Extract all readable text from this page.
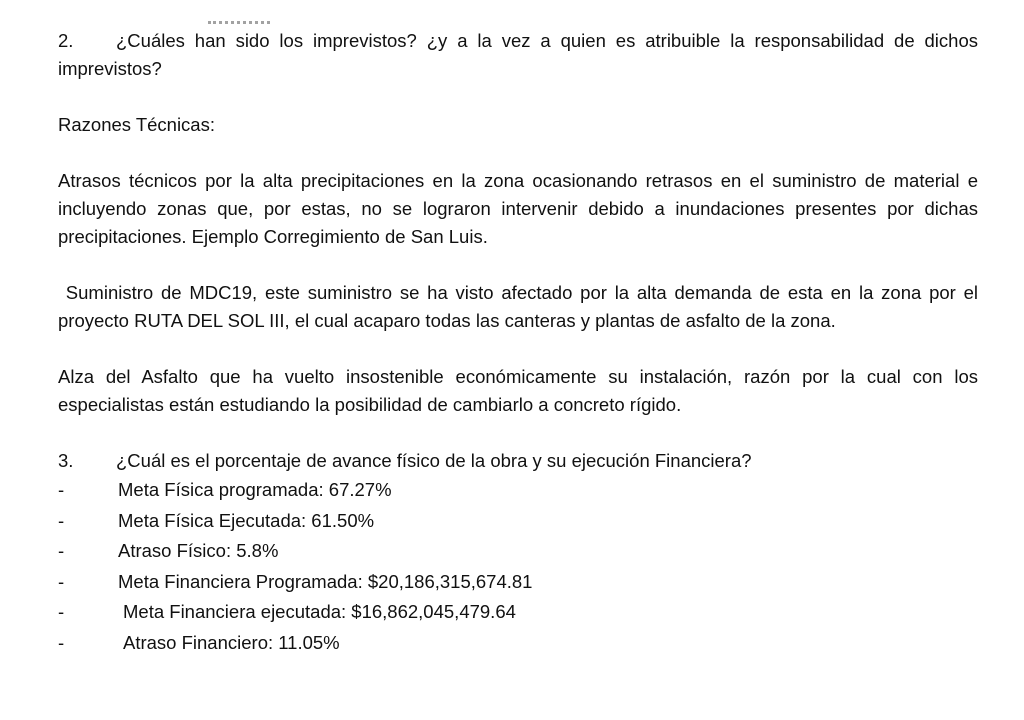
2.	¿Cuáles han sido los imprevistos? ¿y a la vez a quien es atribuible la responsabilidad de dichos
imprevistos?
Razones Técnicas:
Atrasos técnicos por la alta precipitaciones en la zona ocasionando retrasos en el suministro de material e
incluyendo zonas que, por estas, no se lograron intervenir debido a inundaciones presentes por dichas
precipitaciones. Ejemplo Corregimiento de San Luis.
Suministro de MDC19, este suministro se ha visto afectado por la alta demanda de esta en la zona por el
proyecto RUTA DEL SOL III, el cual acaparo todas las canteras y plantas de asfalto de la zona.
Alza del Asfalto que ha vuelto insostenible económicamente su instalación, razón por la cual con los
especialistas están estudiando la posibilidad de cambiarlo a concreto rígido.
3.	¿Cuál es el porcentaje de avance físico de la obra y su ejecución Financiera?
-	Meta Física programada: 67.27%
-	Meta Física Ejecutada: 61.50%
-	Atraso Físico: 5.8%
-	Meta Financiera Programada: $20,186,315,674.81
-	Meta Financiera ejecutada: $16,862,045,479.64
-	Atraso Financiero: 11.05%
